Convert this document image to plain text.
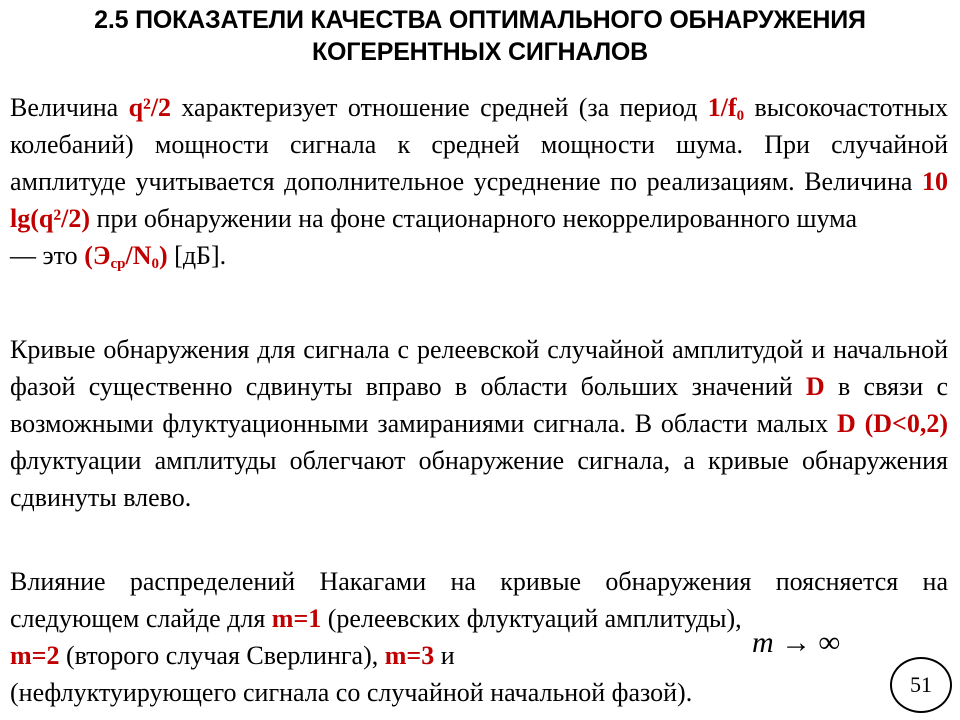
2.5 ПОКАЗАТЕЛИ КАЧЕСТВА ОПТИМАЛЬНОГО ОБНАРУЖЕНИЯ
КОГЕРЕНТНЫХ СИГНАЛОВ
Величина q²/2 характеризует отношение средней (за период $1/f_0$ высокочастотных колебаний) мощности сигнала к средней мощности шума. При случайной амплитуде учитывается дополнительное усреднение по реализациям. Величина 10 lg(q²/2) при обнаружении на фоне стационарного некоррелированного шума
— это $(Э_{ср}/N_0)$ [дБ].
Кривые обнаружения для сигнала с релеевской случайной амплитудой и начальной фазой существенно сдвинуты вправо в области больших значений D в связи с возможными флуктуационными замираниями сигнала. В области малых D (D<0,2) флуктуации амплитуды облегчают обнаружение сигнала, а кривые обнаружения сдвинуты влево.
Влияние распределений Накагами на кривые обнаружения поясняется на следующем слайде для m=1 (релеевских флуктуаций амплитуды),
m=2 (второго случая Сверлинга), m=3 и
(нефлуктуирующего сигнала со случайной начальной фазой).
m → ∞
51
